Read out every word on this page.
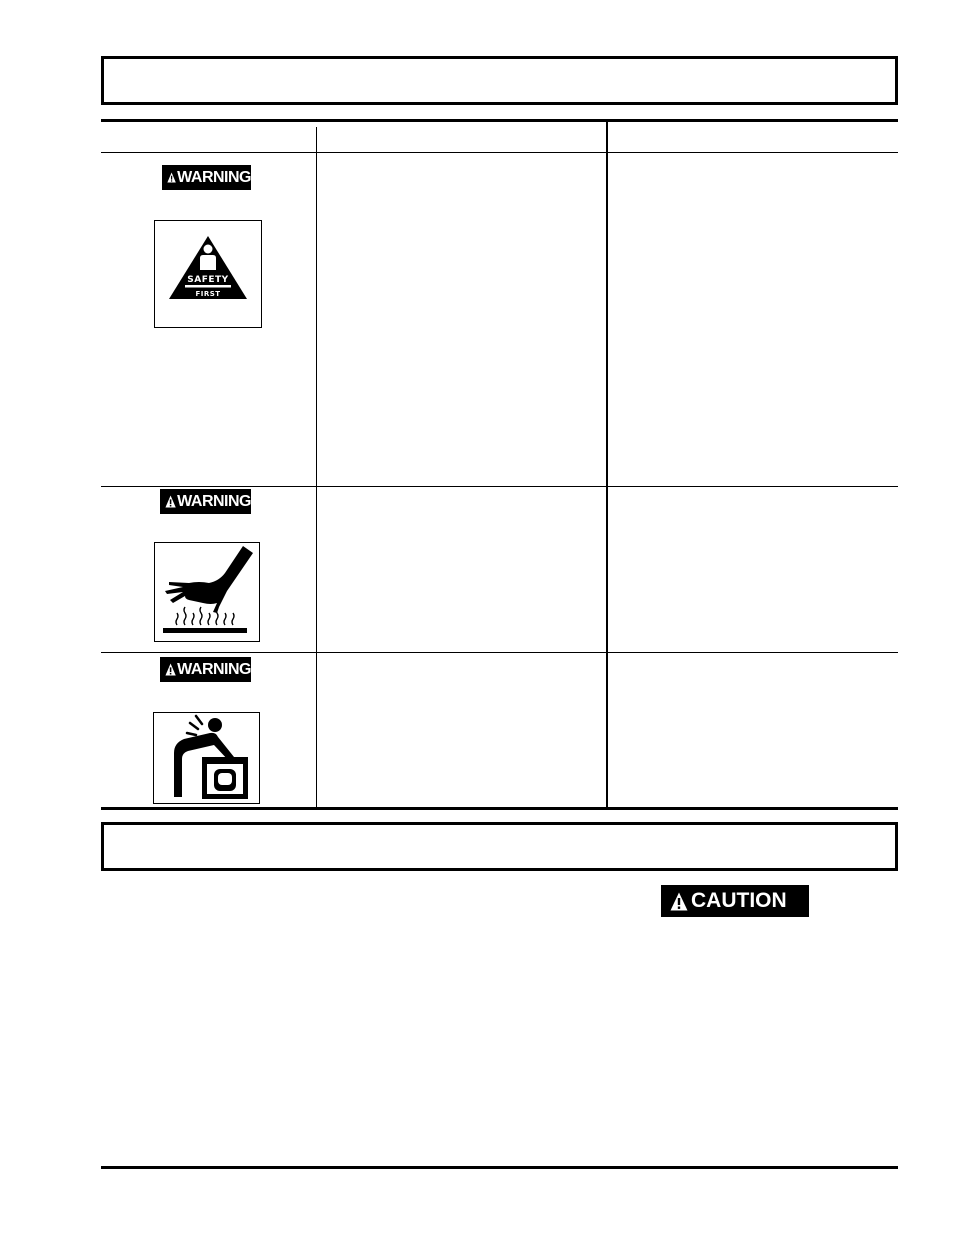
WARNING
SAFETY
FIRST
WARNING
WARNING
CAUTION
